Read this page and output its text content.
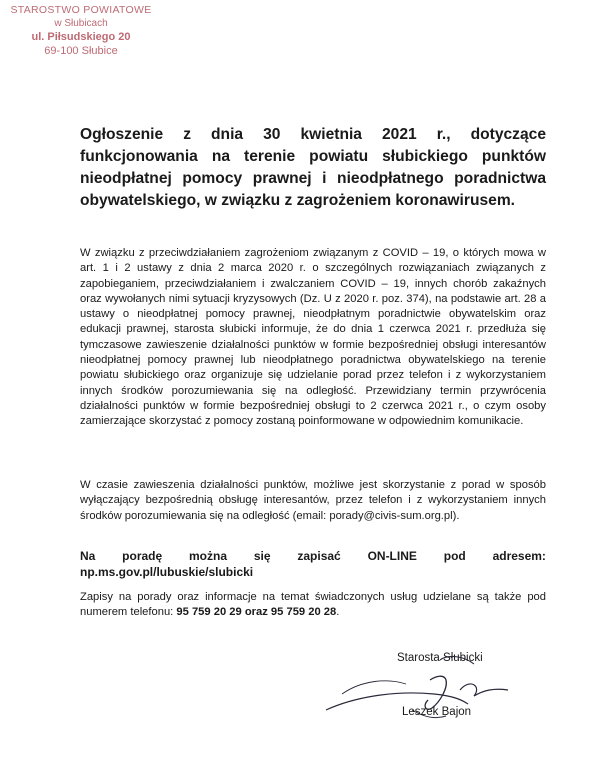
STAROSTWO POWIATOWE
w Słubicach
ul. Piłsudskiego 20
69-100 Słubice
Ogłoszenie z dnia 30 kwietnia 2021 r., dotyczące
funkcjonowania na terenie powiatu słubickiego punktów
nieodpłatnej pomocy prawnej i nieodpłatnego poradnictwa
obywatelskiego, w związku z zagrożeniem koronawirusem.

W związku z przeciwdziałaniem zagrożeniom związanym z COVID – 19, o których mowa w art. 1 i 2 ustawy z dnia 2 marca 2020 r. o szczególnych rozwiązaniach związanych z zapobieganiem, przeciwdziałaniem i zwalczaniem COVID – 19, innych chorób zakaźnych oraz wywołanych nimi sytuacji kryzysowych (Dz. U z 2020 r. poz. 374), na podstawie art. 28 a ustawy o nieodpłatnej pomocy prawnej, nieodpłatnym poradnictwie obywatelskim oraz edukacji prawnej, starosta słubicki informuje, że do dnia 1 czerwca 2021 r. przedłuża się tymczasowe zawieszenie działalności punktów w formie bezpośredniej obsługi interesantów nieodpłatnej pomocy prawnej lub nieodpłatnego poradnictwa obywatelskiego na terenie powiatu słubickiego oraz organizuje się udzielanie porad przez telefon i z wykorzystaniem innych środków porozumiewania się na odległość. Przewidziany termin przywrócenia działalności punktów w formie bezpośredniej obsługi to 2 czerwca 2021 r., o czym osoby zamierzające skorzystać z pomocy zostaną poinformowane w odpowiednim komunikacie.

W czasie zawieszenia działalności punktów, możliwe jest skorzystanie z porad w sposób wyłączający bezpośrednią obsługę interesantów, przez telefon i z wykorzystaniem innych środków porozumiewania się na odległość (email: porady@civis-sum.org.pl).

Na poradę można się zapisać ON-LINE pod adresem:
np.ms.gov.pl/lubuskie/slubicki

Zapisy na porady oraz informacje na temat świadczonych usług udzielane są także pod numerem telefonu: 95 759 20 29 oraz 95 759 20 28.

Starosta Słubicki
Leszek Bajon
